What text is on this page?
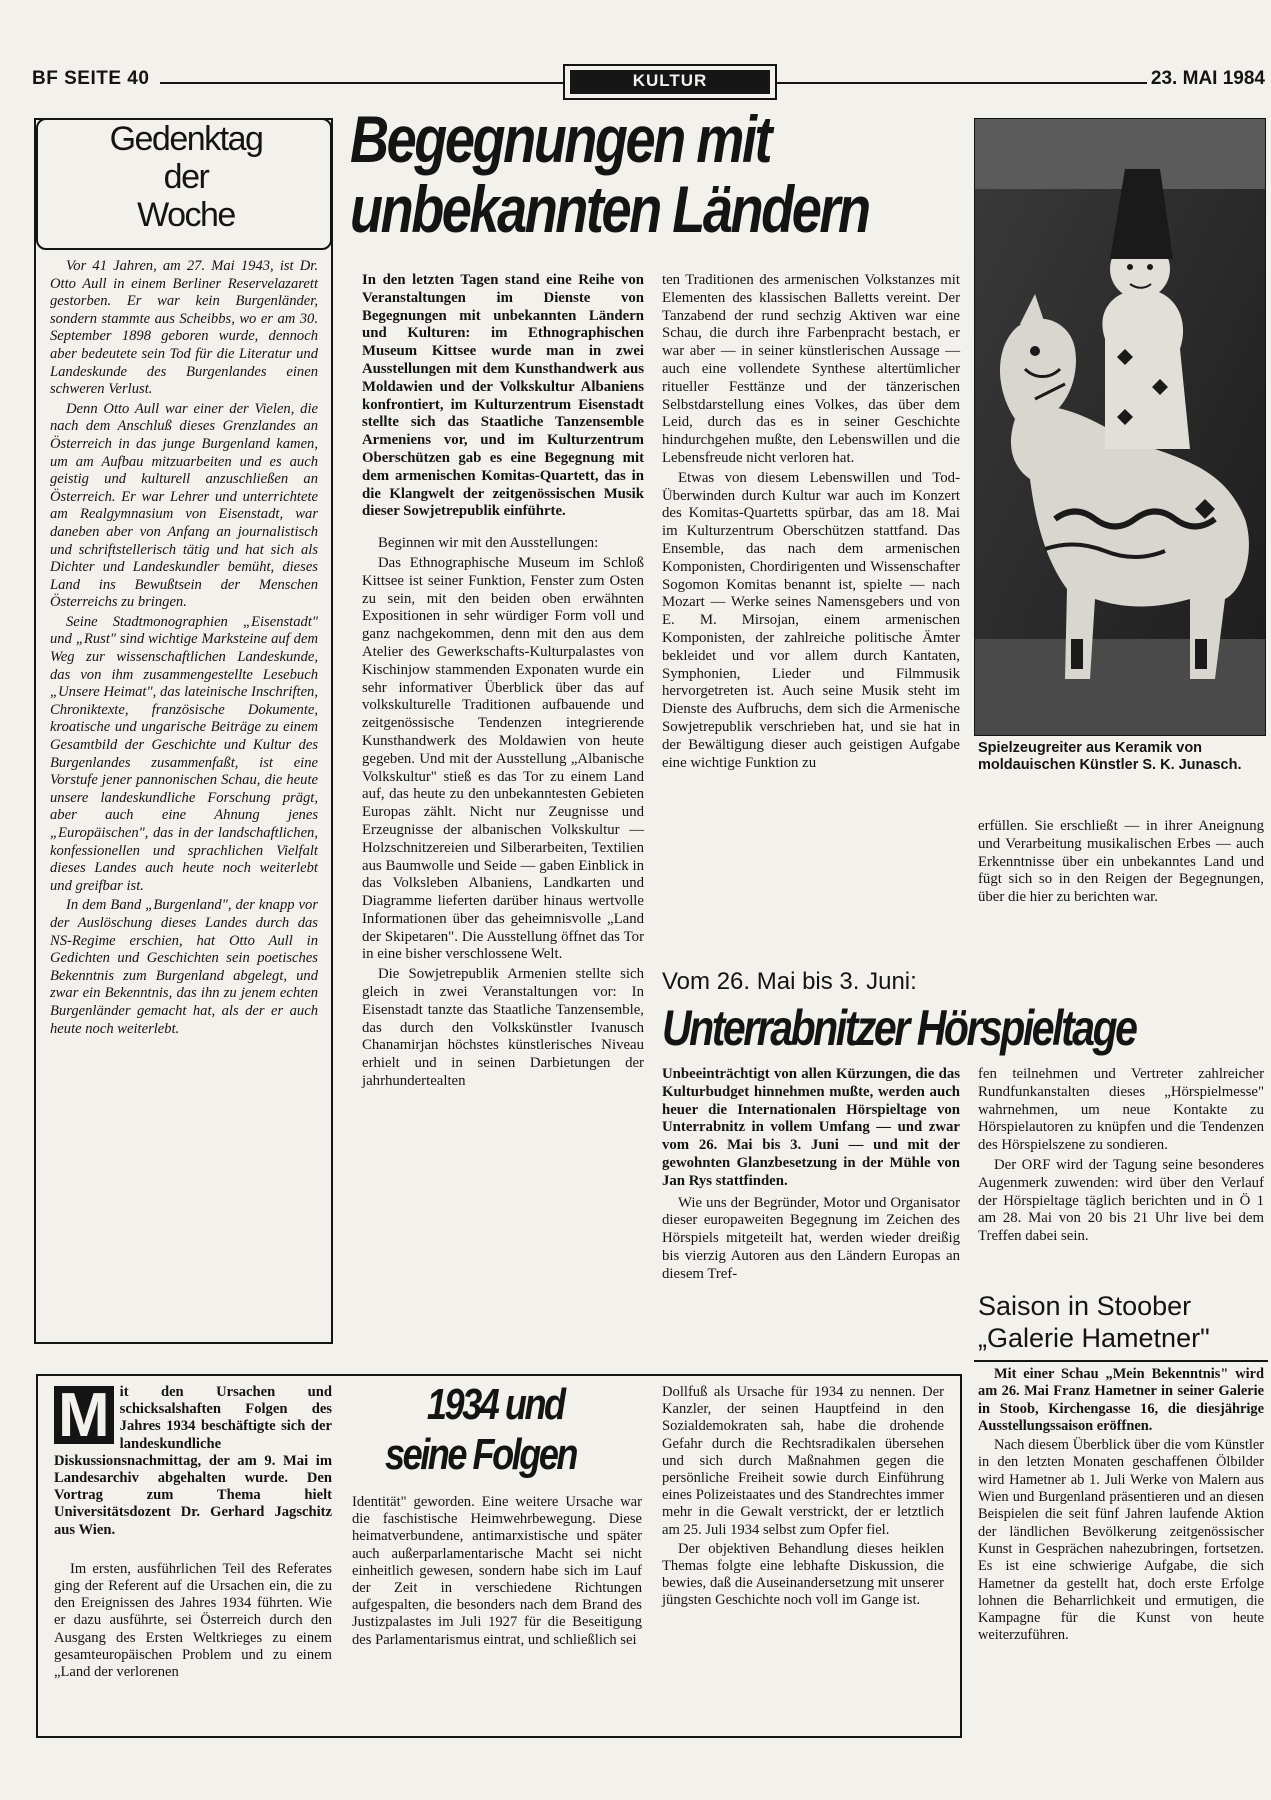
BF SEITE 40	KULTUR	23. MAI 1984
Gedenktag
der
Woche

Vor 41 Jahren, am 27. Mai 1943, ist Dr. Otto Aull in einem Berliner Reservelazarett gestorben. Er war kein Burgenländer, sondern stammte aus Scheibbs, wo er am 30. September 1898 geboren wurde, dennoch aber bedeutete sein Tod für die Literatur und Landeskunde des Burgenlandes einen schweren Verlust.

Denn Otto Aull war einer der Vielen, die nach dem Anschluß dieses Grenzlandes an Österreich in das junge Burgenland kamen, um am Aufbau mitzuarbeiten und es auch geistig und kulturell anzuschließen an Österreich. Er war Lehrer und unterrichtete am Realgymnasium von Eisenstadt, war daneben aber von Anfang an journalistisch und schriftstellerisch tätig und hat sich als Dichter und Landeskundler bemüht, dieses Land ins Bewußtsein der Menschen Österreichs zu bringen.

Seine Stadtmonographien „Eisenstadt" und „Rust" sind wichtige Marksteine auf dem Weg zur wissenschaftlichen Landeskunde, das von ihm zusammengestellte Lesebuch „Unsere Heimat", das lateinische Inschriften, Chroniktexte, französische Dokumente, kroatische und ungarische Beiträge zu einem Gesamtbild der Geschichte und Kultur des Burgenlandes zusammenfaßt, ist eine Vorstufe jener pannonischen Schau, die heute unsere landeskundliche Forschung prägt, aber auch eine Ahnung jenes „Europäischen", das in der landschaftlichen, konfessionellen und sprachlichen Vielfalt dieses Landes auch heute noch weiterlebt und greifbar ist.

In dem Band „Burgenland", der knapp vor der Auslöschung dieses Landes durch das NS-Regime erschien, hat Otto Aull in Gedichten und Geschichten sein poetisches Bekenntnis zum Burgenland abgelegt, und zwar ein Bekenntnis, das ihn zu jenem echten Burgenländer gemacht hat, als der er auch heute noch weiterlebt.

Begegnungen mit
unbekannten Ländern

In den letzten Tagen stand eine Reihe von Veranstaltungen im Dienste von Begegnungen mit unbekannten Ländern und Kulturen: im Ethnographischen Museum Kittsee wurde man in zwei Ausstellungen mit dem Kunsthandwerk aus Moldawien und der Volkskultur Albaniens konfrontiert, im Kulturzentrum Eisenstadt stellte sich das Staatliche Tanzensemble Armeniens vor, und im Kulturzentrum Oberschützen gab es eine Begegnung mit dem armenischen Komitas-Quartett, das in die Klangwelt der zeitgenössischen Musik dieser Sowjetrepublik einführte.

Beginnen wir mit den Ausstellungen:

Das Ethnographische Museum im Schloß Kittsee ist seiner Funktion, Fenster zum Osten zu sein, mit den beiden oben erwähnten Expositionen in sehr würdiger Form voll und ganz nachgekommen, denn mit den aus dem Atelier des Gewerkschafts-Kulturpalastes von Kischinjow stammenden Exponaten wurde ein sehr informativer Überblick über das auf volkskulturelle Traditionen aufbauende und zeitgenössische Tendenzen integrierende Kunsthandwerk des Moldawien von heute gegeben. Und mit der Ausstellung „Albanische Volkskultur" stieß es das Tor zu einem Land auf, das heute zu den unbekanntesten Gebieten Europas zählt. Nicht nur Zeugnisse und Erzeugnisse der albanischen Volkskultur — Holzschnitzereien und Silberarbeiten, Textilien aus Baumwolle und Seide — gaben Einblick in das Volksleben Albaniens, Landkarten und Diagramme lieferten darüber hinaus wertvolle Informationen über das geheimnisvolle „Land der Skipetaren". Die Ausstellung öffnet das Tor in eine bisher verschlossene Welt.

Die Sowjetrepublik Armenien stellte sich gleich in zwei Veranstaltungen vor: In Eisenstadt tanzte das Staatliche Tanzensemble, das durch den Volkskünstler Ivanusch Chanamirjan höchstes künstlerisches Niveau erhielt und in seinen Darbietungen der jahrhundertealten

ten Traditionen des armenischen Volkstanzes mit Elementen des klassischen Balletts vereint. Der Tanzabend der rund sechzig Aktiven war eine Schau, die durch ihre Farbenpracht bestach, er war aber — in seiner künstlerischen Aussage — auch eine vollendete Synthese altertümlicher ritueller Festtänze und der tänzerischen Selbstdarstellung eines Volkes, das über dem Leid, durch das es in seiner Geschichte hindurchgehen mußte, den Lebenswillen und die Lebensfreude nicht verloren hat.

Etwas von diesem Lebenswillen und Tod-Überwinden durch Kultur war auch im Konzert des Komitas-Quartetts spürbar, das am 18. Mai im Kulturzentrum Oberschützen stattfand. Das Ensemble, das nach dem armenischen Komponisten, Chordirigenten und Wissenschafter Sogomon Komitas benannt ist, spielte — nach Mozart — Werke seines Namensgebers und von E. M. Mirsojan, einem armenischen Komponisten, der zahlreiche politische Ämter bekleidet und vor allem durch Kantaten, Symphonien, Lieder und Filmmusik hervorgetreten ist. Auch seine Musik steht im Dienste des Aufbruchs, dem sich die Armenische Sowjetrepublik verschrieben hat, und sie hat in der Bewältigung dieser auch geistigen Aufgabe eine wichtige Funktion zu

Spielzeugreiter aus Keramik von moldauischen Künstler S. K. Junasch.

erfüllen. Sie erschließt — in ihrer Aneignung und Verarbeitung musikalischen Erbes — auch Erkenntnisse über ein unbekanntes Land und fügt sich so in den Reigen der Begegnungen, über die hier zu berichten war.

Vom 26. Mai bis 3. Juni:
Unterrabnitzer Hörspieltage

Unbeeinträchtigt von allen Kürzungen, die das Kulturbudget hinnehmen mußte, werden auch heuer die Internationalen Hörspieltage von Unterrabnitz in vollem Umfang — und zwar vom 26. Mai bis 3. Juni — und mit der gewohnten Glanzbesetzung in der Mühle von Jan Rys stattfinden.

Wie uns der Begründer, Motor und Organisator dieser europaweiten Begegnung im Zeichen des Hörspiels mitgeteilt hat, werden wieder dreißig bis vierzig Autoren aus den Ländern Europas an diesem Tref-

fen teilnehmen und Vertreter zahlreicher Rundfunkanstalten dieses „Hörspielmesse" wahrnehmen, um neue Kontakte zu Hörspielautoren zu knüpfen und die Tendenzen des Hörspielszene zu sondieren.

Der ORF wird der Tagung seine besonderes Augenmerk zuwenden: wird über den Verlauf der Hörspieltage täglich berichten und in Ö 1 am 28. Mai von 20 bis 21 Uhr live bei dem Treffen dabei sein.

Saison in Stoober
„Galerie Hametner"

Mit einer Schau „Mein Bekenntnis" wird am 26. Mai Franz Hametner in seiner Galerie in Stoob, Kirchengasse 16, die diesjährige Ausstellungssaison eröffnen.

Nach diesem Überblick über die vom Künstler in den letzten Monaten geschaffenen Ölbilder wird Hametner ab 1. Juli Werke von Malern aus Wien und Burgenland präsentieren und an diesen Beispielen die seit fünf Jahren laufende Aktion der ländlichen Bevölkerung zeitgenössischer Kunst in Gesprächen nahezubringen, fortsetzen. Es ist eine schwierige Aufgabe, die sich Hametner da gestellt hat, doch erste Erfolge lohnen die Beharrlichkeit und ermutigen, die Kampagne für die Kunst von heute weiterzuführen.

M it den Ursachen und schicksalshaften Folgen des Jahres 1934 beschäftigte sich der landeskundliche Diskussionsnachmittag, der am 9. Mai im Landesarchiv abgehalten wurde. Den Vortrag zum Thema hielt Universitätsdozent Dr. Gerhard Jagschitz aus Wien.

Im ersten, ausführlichen Teil des Referates ging der Referent auf die Ursachen ein, die zu den Ereignissen des Jahres 1934 führten. Wie er dazu ausführte, sei Österreich durch den Ausgang des Ersten Weltkrieges zu einem gesamteuropäischen Problem und zu einem „Land der verlorenen

1934 und
seine Folgen

Identität" geworden. Eine weitere Ursache war die faschistische Heimwehrbewegung. Diese heimatverbundene, antimarxistische und später auch außerparlamentarische Macht sei nicht einheitlich gewesen, sondern habe sich im Lauf der Zeit in verschiedene Richtungen aufgespalten, die besonders nach dem Brand des Justizpalastes im Juli 1927 für die Beseitigung des Parlamentarismus eintrat, und schließlich sei

Dollfuß als Ursache für 1934 zu nennen. Der Kanzler, der seinen Hauptfeind in den Sozialdemokraten sah, habe die drohende Gefahr durch die Rechtsradikalen übersehen und sich durch Maßnahmen gegen die persönliche Freiheit sowie durch Einführung eines Polizeistaates und des Standrechtes immer mehr in die Gewalt verstrickt, der er letztlich am 25. Juli 1934 selbst zum Opfer fiel.

Der objektiven Behandlung dieses heiklen Themas folgte eine lebhafte Diskussion, die bewies, daß die Auseinandersetzung mit unserer jüngsten Geschichte noch voll im Gange ist.
